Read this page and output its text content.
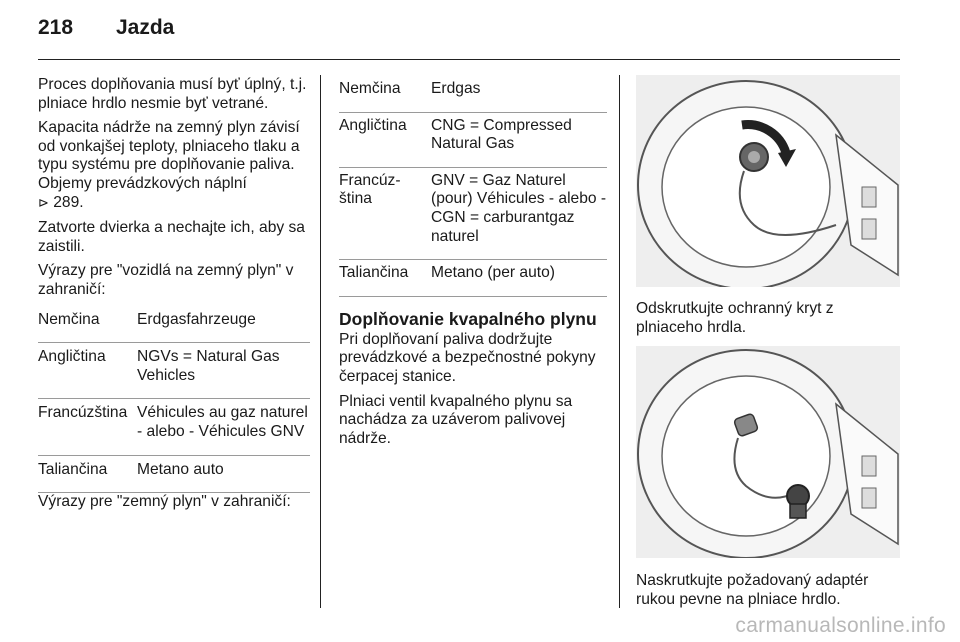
218	Jazda

Proces doplňovania musí byť úplný, t.j. plniace hrdlo nesmie byť vetrané.

Kapacita nádrže na zemný plyn závisí od vonkajšej teploty, plniaceho tlaku a typu systému pre doplňovanie paliva. Objemy prevádzkových náplní
⊳ 289.

Zatvorte dvierka a nechajte ich, aby sa zaistili.

Výrazy pre "vozidlá na zemný plyn" v zahraničí:

Nemčina	Erdgasfahrzeuge
Angličtina	NGVs = Natural Gas Vehicles
Francúzština	Véhicules au gaz naturel - alebo - Véhicules GNV
Taliančina	Metano auto

Výrazy pre "zemný plyn" v zahraničí:

Nemčina	Erdgas
Angličtina	CNG = Compressed Natural Gas
Francúz- ština	GNV = Gaz Naturel (pour) Véhicules - alebo - CGN = carburantgaz naturel
Taliančina	Metano (per auto)
Doplňovanie kvapalného plynu

Pri doplňovaní paliva dodržujte prevádzkové a bezpečnostné pokyny čerpacej stanice.

Plniaci ventil kvapalného plynu sa nachádza za uzáverom palivovej nádrže.

Odskrutkujte ochranný kryt z plniaceho hrdla.
Naskrutkujte požadovaný adaptér rukou pevne na plniace hrdlo.
carmanualsonline.info
